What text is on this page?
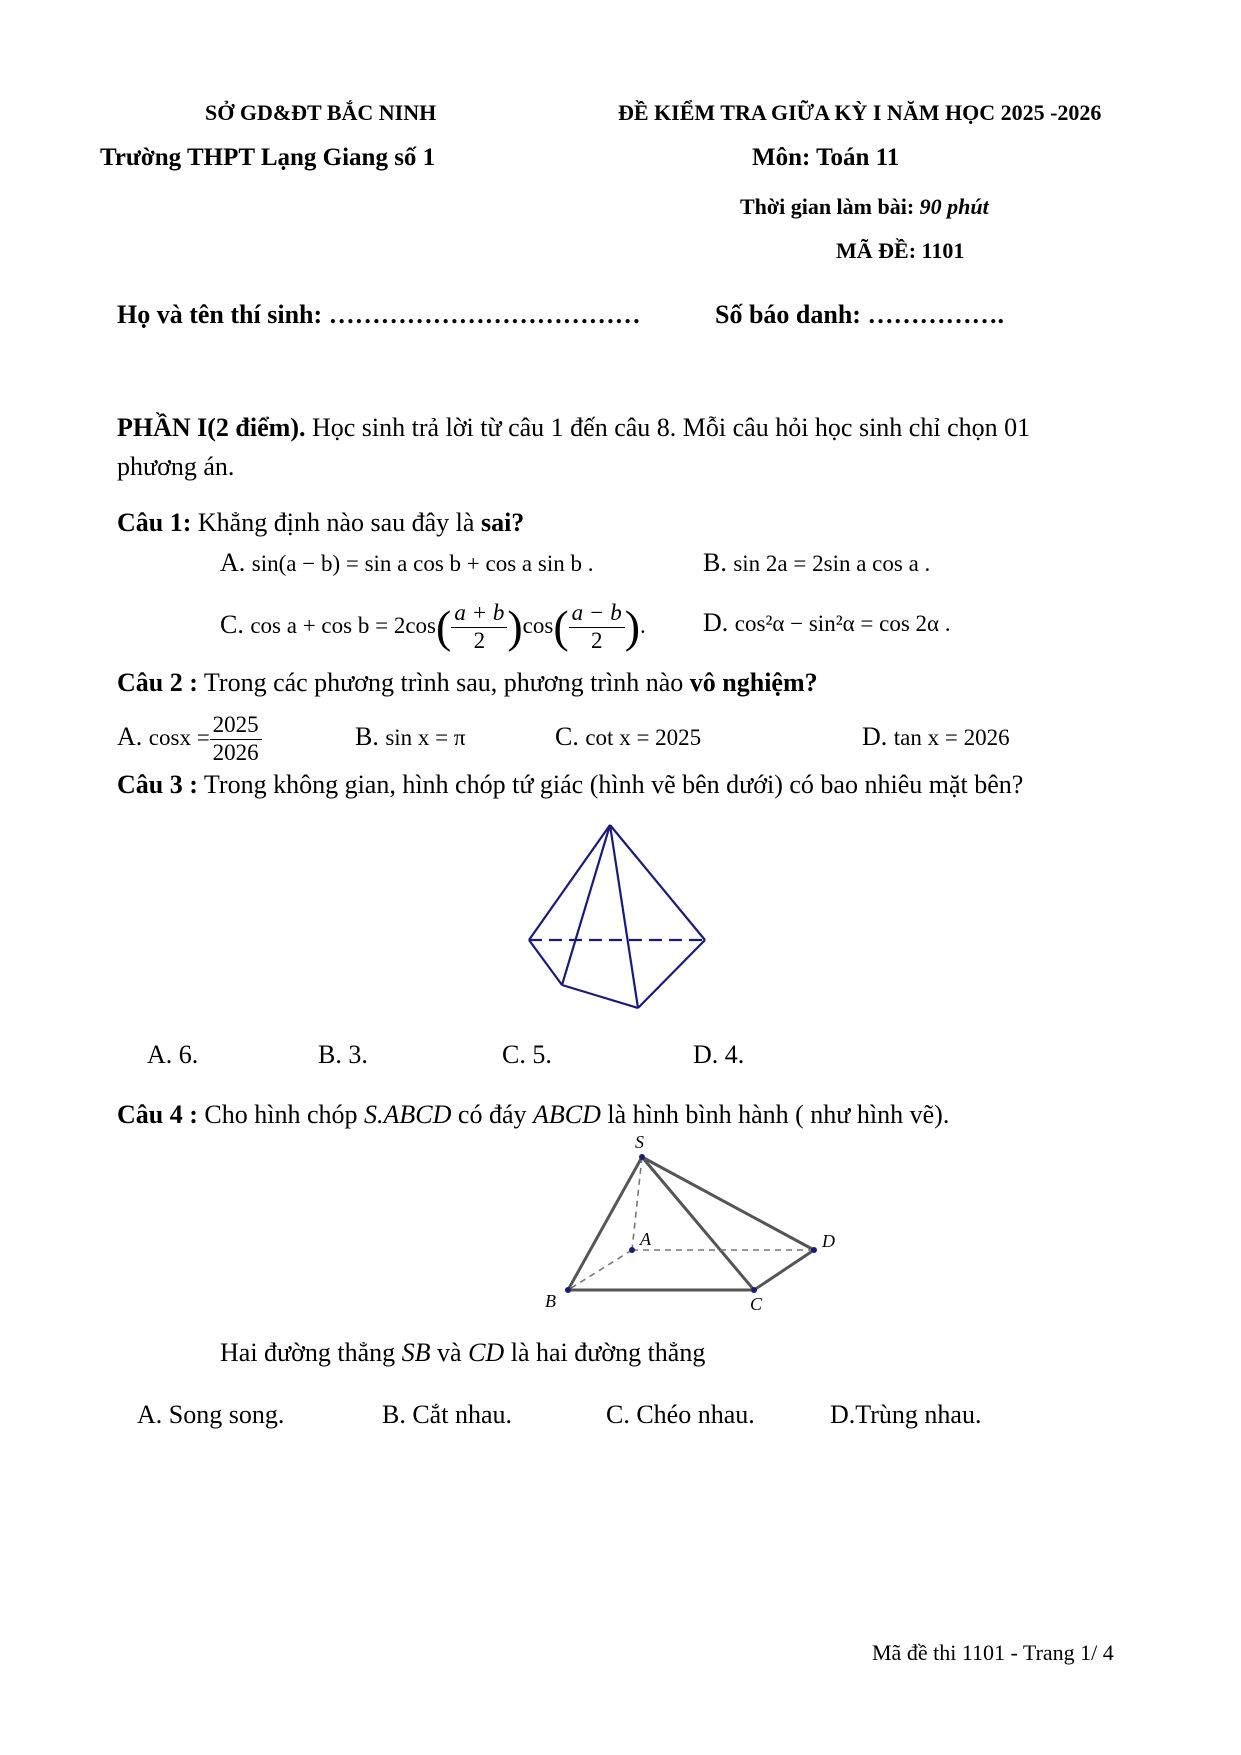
SỞ GD&ĐT BẮC NINH
Trường THPT Lạng Giang số 1
ĐỀ KIỂM TRA GIỮA KỲ I NĂM HỌC 2025 -2026
Môn: Toán 11
Thời gian làm bài: 90 phút
MÃ ĐỀ: 1101
Họ và tên thí sinh: ………………………………	Số báo danh: …………….
PHẦN I(2 điểm). Học sinh trả lời từ câu 1 đến câu 8. Mỗi câu hỏi học sinh chỉ chọn 01
phương án.
Câu 1: Khẳng định nào sau đây là sai?
A. sin(a − b) = sin a cos b + cos a sin b .	B. sin 2a = 2sin a cos a .
C. $\cos a + \cos b = 2\cos( \frac{a + b}{2} )\cos( \frac{a - b}{2}$ ). D. cos²α − sin²α = cos 2α .
Câu 2 : Trong các phương trình sau, phương trình nào vô nghiệm?
A. $\cos x = \frac{2025}{2026}$	B. sin x = π	C. cot x = 2025	D. tan x = 2026
Câu 3 : Trong không gian, hình chóp tứ giác (hình vẽ bên dưới) có bao nhiêu mặt bên?
A. 6.	B. 3.	C. 5.	D. 4.
Câu 4 : Cho hình chóp S.ABCD có đáy ABCD là hình bình hành ( như hình vẽ).
S
A
B	C
D
Hai đường thẳng SB và CD là hai đường thẳng
A. Song song.	B. Cắt nhau.	C. Chéo nhau.	D.Trùng nhau.
Mã đề thi 1101 - Trang 1/ 4
